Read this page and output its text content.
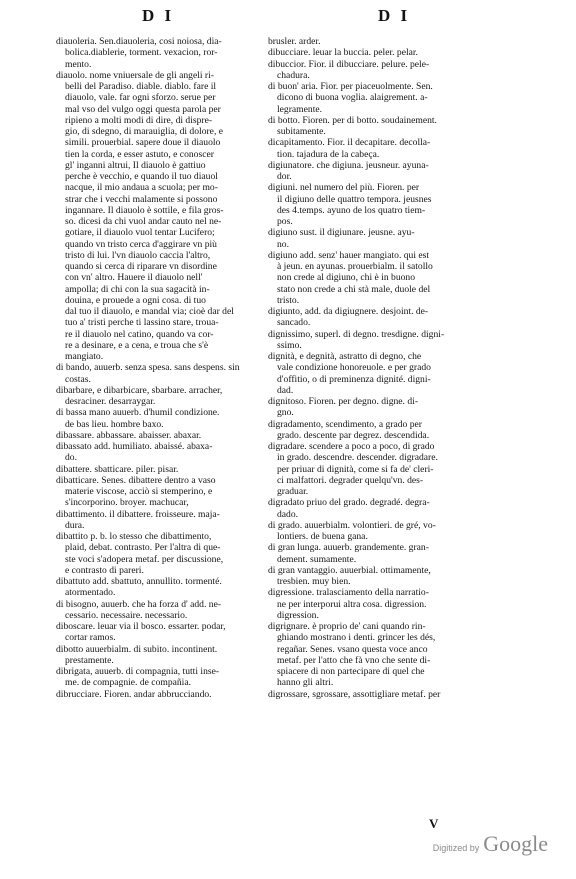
D I	D I
diauoleria. Sen.diauoleria, cosi noiosa, dia-
bolica.diablerie, torment. vexacion, ror-
mento.
diauolo. nome vniuersale de gli angeli ri-
belli del Paradiso. diable. diablo. fare il
diauolo, vale. far ogni sforzo. serue per
mal vso del vulgo oggi questa parola per
ripieno a molti modi di dire, di dispre-
gio, di sdegno, di marauiglia, di dolore, e
simili. prouerbial. sapere doue il diauolo
tien la corda, e esser astuto, e conoscer
gl' inganni altrui, Il diauolo è gattiuo
perche è vecchio, e quando il tuo diauol
nacque, il mio andaua a scuola; per mo-
strar che i vecchi malamente si possono
ingannare. Il diauolo è sottile, e fila gros-
so. dicesi da chi vuol andar cauto nel ne-
gotiare, il diauolo vuol tentar Lucifero;
quando vn tristo cerca d'aggirare vn più
tristo di lui. l'vn diauolo caccia l'altro,
quando si cerca di riparare vn disordine
con vn' altro. Hauere il diauolo nell'
ampolla; di chi con la sua sagacità in-
douina, e prouede a ogni cosa. di tuo
dal tuo il diauolo, e mandal via; cioè dar del
tuo a' tristi perche ti lassino stare, troua-
re il diauolo nel catino, quando va cor-
re a desinare, e a cena, e troua che s'è
mangiato.
di bando, auuerb. senza spesa. sans despens. sin
costas.
dibarbare, e dibarbicare, sbarbare. arracher,
desraciner. desarraygar.
di bassa mano auuerb. d'humil condizione.
de bas lieu. hombre baxo.
dibassare. abbassare. abaisser. abaxar.
dibassato add. humiliato. abaissé. abaxa-
do.
dibattere. sbatticare. piler. pisar.
dibatticare. Senes. dibattere dentro a vaso
materie viscose, acciò si stemperino, e
s'incorporino. broyer. machucar,
dibattimento. il dibattere. froisseure. maja-
dura.
dibattito p. b. lo stesso che dibattimento,
plaid, debat. contrasto. Per l'altra di que-
ste voci s'adopera metaf. per discussione,
e contrasto di pareri.
dibattuto add. sbattuto, annullito. tormenté.
atormentado.
di bisogno, auuerb. che ha forza d' add. ne-
cessario. necessaire. necessario.
diboscare. leuar via il bosco. essarter. podar,
cortar ramos.
dibotto auuerbialm. di subito. incontinent.
prestamente.
dibrigata, auuerb. di compagnia, tutti inse-
me. de compagnie. de compañia.
dibrucciare. Fioren. andar abbrucciando.
brusler. arder.
dibucciare. leuar la buccia. peler. pelar.
dibuccior. Fior. il dibucciare. pelure. pele-
chadura.
di buon' aria. Fior. per piaceuolmente. Sen.
dicono di buona voglia. alaigrement. a-
legramente.
di botto. Fioren. per di botto. soudainement.
subitamente.
dicapitamento. Fior. il decapitare. decolla-
tion. tajadura de la cabeça.
digiunatore. che digiuna. jeusneur. ayuna-
dor.
digiuni. nel numero del più. Fioren. per
il digiuno delle quattro tempora. jeusnes
des 4.temps. ayuno de los quatro tiem-
pos.
digiuno sust. il digiunare. jeusne. ayu-
no.
digiuno add. senz' hauer mangiato. qui est
à jeun. en ayunas. prouerbialm. il satollo
non crede al digiuno, chi è in buono
stato non crede a chi stà male, duole del
tristo.
digiunto, add. da digiugnere. desjoint. de-
sancado.
dignissimo, superl. di degno. tresdigne. digni-
ssimo.
dignità, e degnità, astratto di degno, che
vale condizione honoreuole. e per grado
d'offitio, o di preminenza dignité. digni-
dad.
dignitoso. Fioren. per degno. digne. di-
gno.
digradamento, scendimento, a grado per
grado. descente par degrez. descendida.
digradare. scendere a poco a poco, di grado
in grado. descendre. descender. digradare.
per priuar di dignità, come si fa de' cleri-
ci malfattori. degrader quelqu'vn. des-
graduar.
digradato priuo del grado. degradé. degra-
dado.
di grado. auuerbialm. volontieri. de gré, vo-
lontiers. de buena gana.
di gran lunga. auuerb. grandemente. gran-
dement. sumamente.
di gran vantaggio. auuerbial. ottimamente,
tresbien. muy bien.
digressione. tralasciamento della narratio-
ne per interporui altra cosa. digression.
digression.
digrignare. è proprio de' cani quando rin-
ghiando mostrano i denti. grincer les dés,
regañar. Senes. vsano questa voce anco
metaf. per l'atto che fà vno che sente di-
spiacere di non partecipare di quel che
hanno gli altri.
digrossare, sgrossare, assottigliare metaf. per
V
Digitized by Google
